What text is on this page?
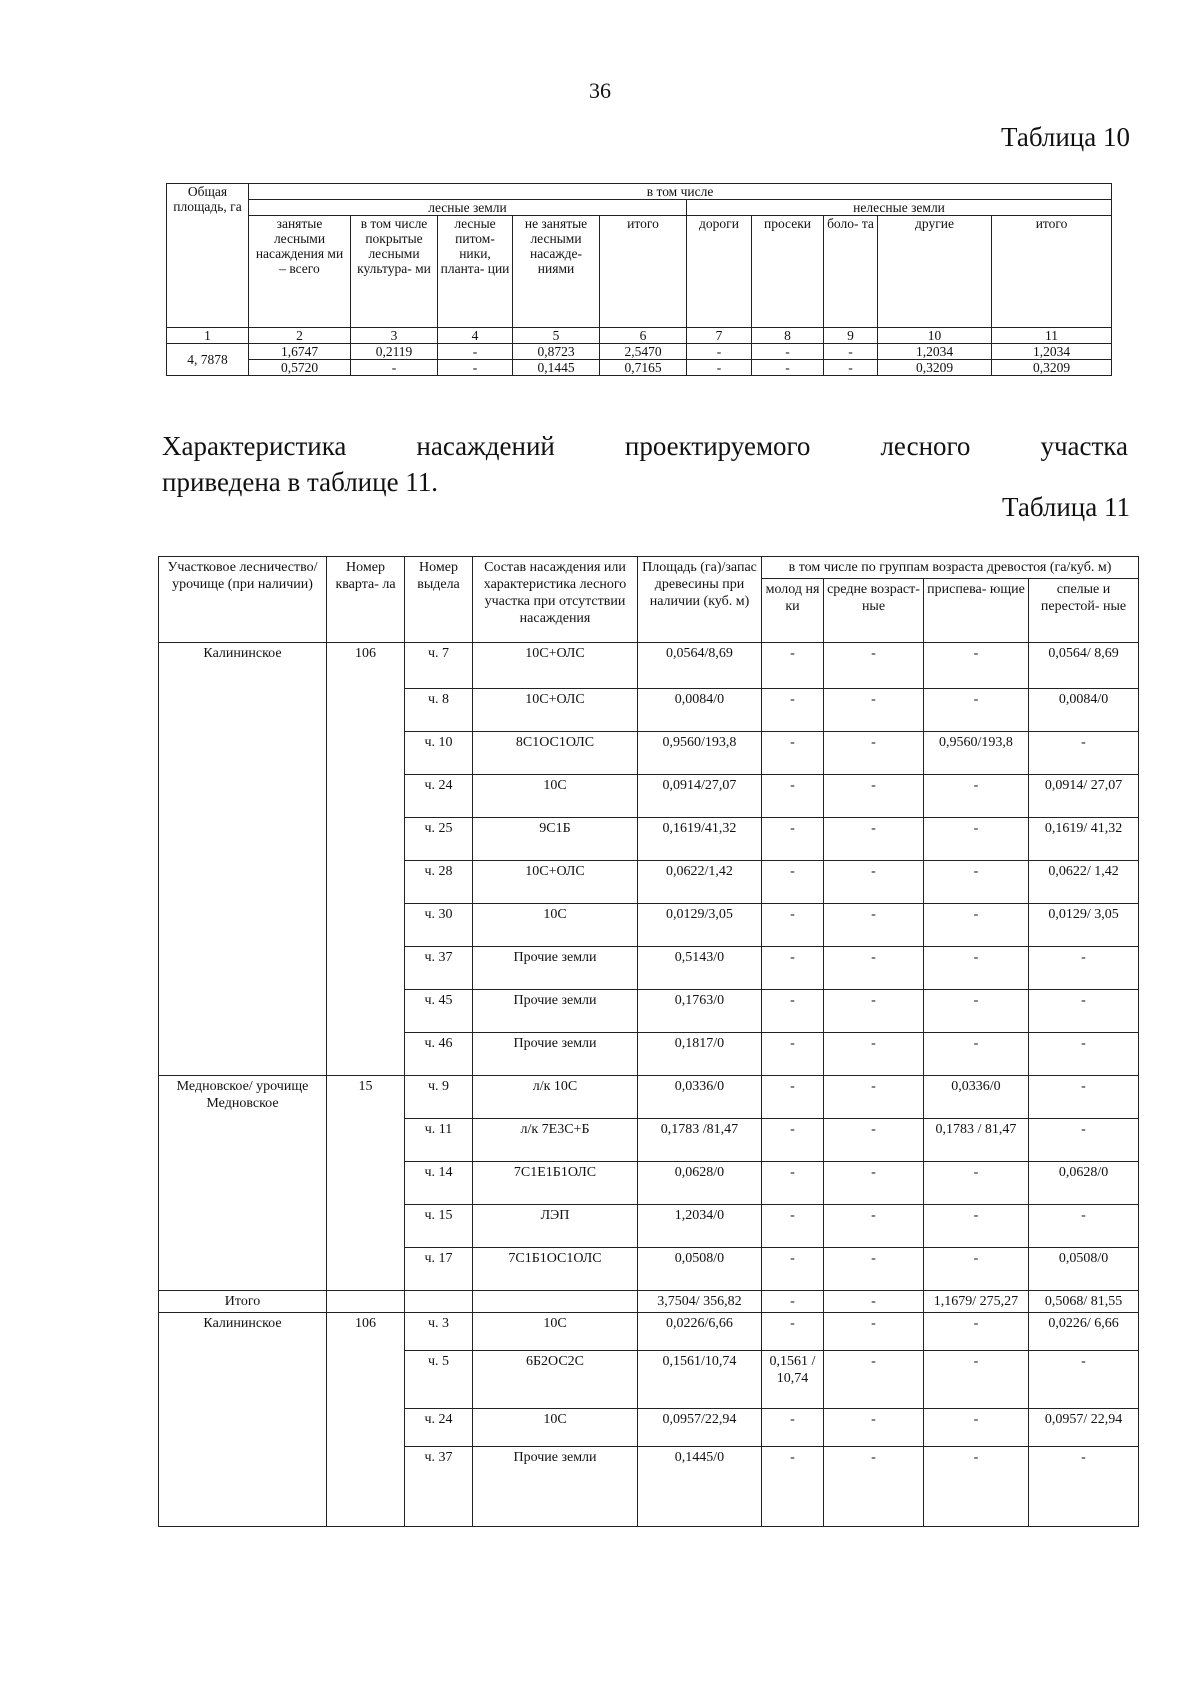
36
Таблица 10
Общая площадь, га	в том числе									
	лесные земли					нелесные земли				
	занятые лесными насаждения ми – всего	в том числе покрытые лесными культура- ми	лесные питом- ники, планта- ции	не занятые лесными насажде- ниями	итого	дороги	просеки	боло- та	другие	итого
1	2	3	4	5	6	7	8	9	10	11
4, 7878	1,6747	0,2119	-	0,8723	2,5470	-	-	-	1,2034	1,2034
	0,5720	-	-	0,1445	0,7165	-	-	-	0,3209	0,3209
Характеристика насаждений проектируемого лесного участка
приведена в таблице 11.
Таблица 11
Участковое лесничество/ урочище (при наличии)	Номер кварта- ла	Номер выдела	Состав насаждения или характеристика лесного участка при отсутствии насаждения	Площадь (га)/запас древесины при наличии (куб. м)	в том числе по группам возраста древостоя (га/куб. м)			
					молод ня ки	средне возраст- ные	приспева- ющие	спелые и перестой- ные
Калининское	106	ч. 7	10С+ОЛС	0,0564/8,69	-	-	-	0,0564/ 8,69
		ч. 8	10С+ОЛС	0,0084/0	-	-	-	0,0084/0
		ч. 10	8С1ОС1ОЛС	0,9560/193,8	-	-	0,9560/193,8	-
		ч. 24	10С	0,0914/27,07	-	-	-	0,0914/ 27,07
		ч. 25	9С1Б	0,1619/41,32	-	-	-	0,1619/ 41,32
		ч. 28	10С+ОЛС	0,0622/1,42	-	-	-	0,0622/ 1,42
		ч. 30	10С	0,0129/3,05	-	-	-	0,0129/ 3,05
		ч. 37	Прочие земли	0,5143/0	-	-	-	-
		ч. 45	Прочие земли	0,1763/0	-	-	-	-
		ч. 46	Прочие земли	0,1817/0	-	-	-	-
Медновское/ урочище Медновское	15	ч. 9	л/к 10С	0,0336/0	-	-	0,0336/0	-
		ч. 11	л/к 7Е3С+Б	0,1783 /81,47	-	-	0,1783 / 81,47	-
		ч. 14	7С1Е1Б1ОЛС	0,0628/0	-	-	-	0,0628/0
		ч. 15	ЛЭП	1,2034/0	-	-	-	-
		ч. 17	7С1Б1ОС1ОЛС	0,0508/0	-	-	-	0,0508/0
Итого				3,7504/ 356,82	-	-	1,1679/ 275,27	0,5068/ 81,55
Калининское	106	ч. 3	10С	0,0226/6,66	-	-	-	0,0226/ 6,66
		ч. 5	6Б2ОС2С	0,1561/10,74	0,1561 / 10,74	-	-	-
		ч. 24	10С	0,0957/22,94	-	-	-	0,0957/ 22,94
		ч. 37	Прочие земли	0,1445/0	-	-	-	-
